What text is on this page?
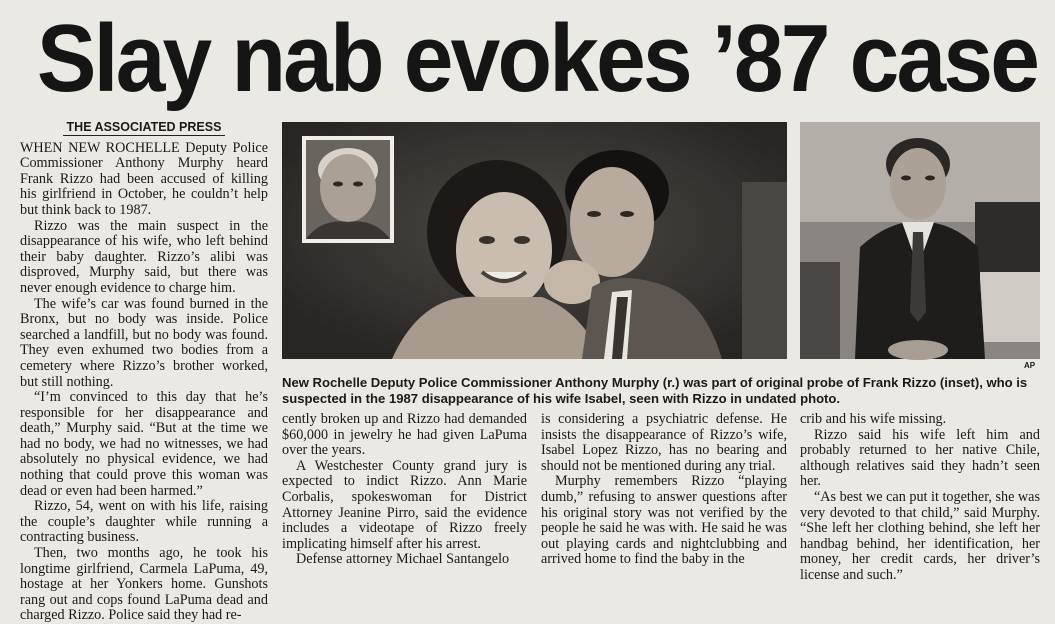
Slay nab evokes ’87 case
THE ASSOCIATED PRESS

WHEN NEW ROCHELLE Deputy Police Commissioner Anthony Murphy heard Frank Rizzo had been accused of killing his girlfriend in October, he couldn’t help but think back to 1987.

Rizzo was the main suspect in the disappearance of his wife, who left behind their baby daughter. Rizzo’s alibi was disproved, Murphy said, but there was never enough evidence to charge him.

The wife’s car was found burned in the Bronx, but no body was inside. Police searched a landfill, but no body was found. They even exhumed two bodies from a cemetery where Rizzo’s brother worked, but still nothing.

“I’m convinced to this day that he’s responsible for her disappearance and death,” Murphy said. “But at the time we had no body, we had no witnesses, we had absolutely no physical evidence, we had nothing that could prove this woman was dead or even had been harmed.”

Rizzo, 54, went on with his life, raising the couple’s daughter while running a contracting business.

Then, two months ago, he took his longtime girlfriend, Carmela LaPuma, 49, hostage at her Yonkers home. Gunshots rang out and cops found LaPuma dead and charged Rizzo. Police said they had re-

AP

New Rochelle Deputy Police Commissioner Anthony Murphy (r.) was part of original probe of Frank Rizzo (inset), who is
suspected in the 1987 disappearance of his wife Isabel, seen with Rizzo in undated photo.

cently broken up and Rizzo had demanded $60,000 in jewelry he had given LaPuma over the years.

A Westchester County grand jury is expected to indict Rizzo. Ann Marie Corbalis, spokeswoman for District Attorney Jeanine Pirro, said the evidence includes a videotape of Rizzo freely implicating himself after his arrest.

Defense attorney Michael Santangelo

is considering a psychiatric defense. He insists the disappearance of Rizzo’s wife, Isabel Lopez Rizzo, has no bearing and should not be mentioned during any trial.

Murphy remembers Rizzo “playing dumb,” refusing to answer questions after his original story was not verified by the people he said he was with. He said he was out playing cards and nightclubbing and arrived home to find the baby in the

crib and his wife missing.

Rizzo said his wife left him and probably returned to her native Chile, although relatives said they hadn’t seen her.

“As best we can put it together, she was very devoted to that child,” said Murphy. “She left her clothing behind, she left her handbag behind, her identification, her money, her credit cards, her driver’s license and such.”
